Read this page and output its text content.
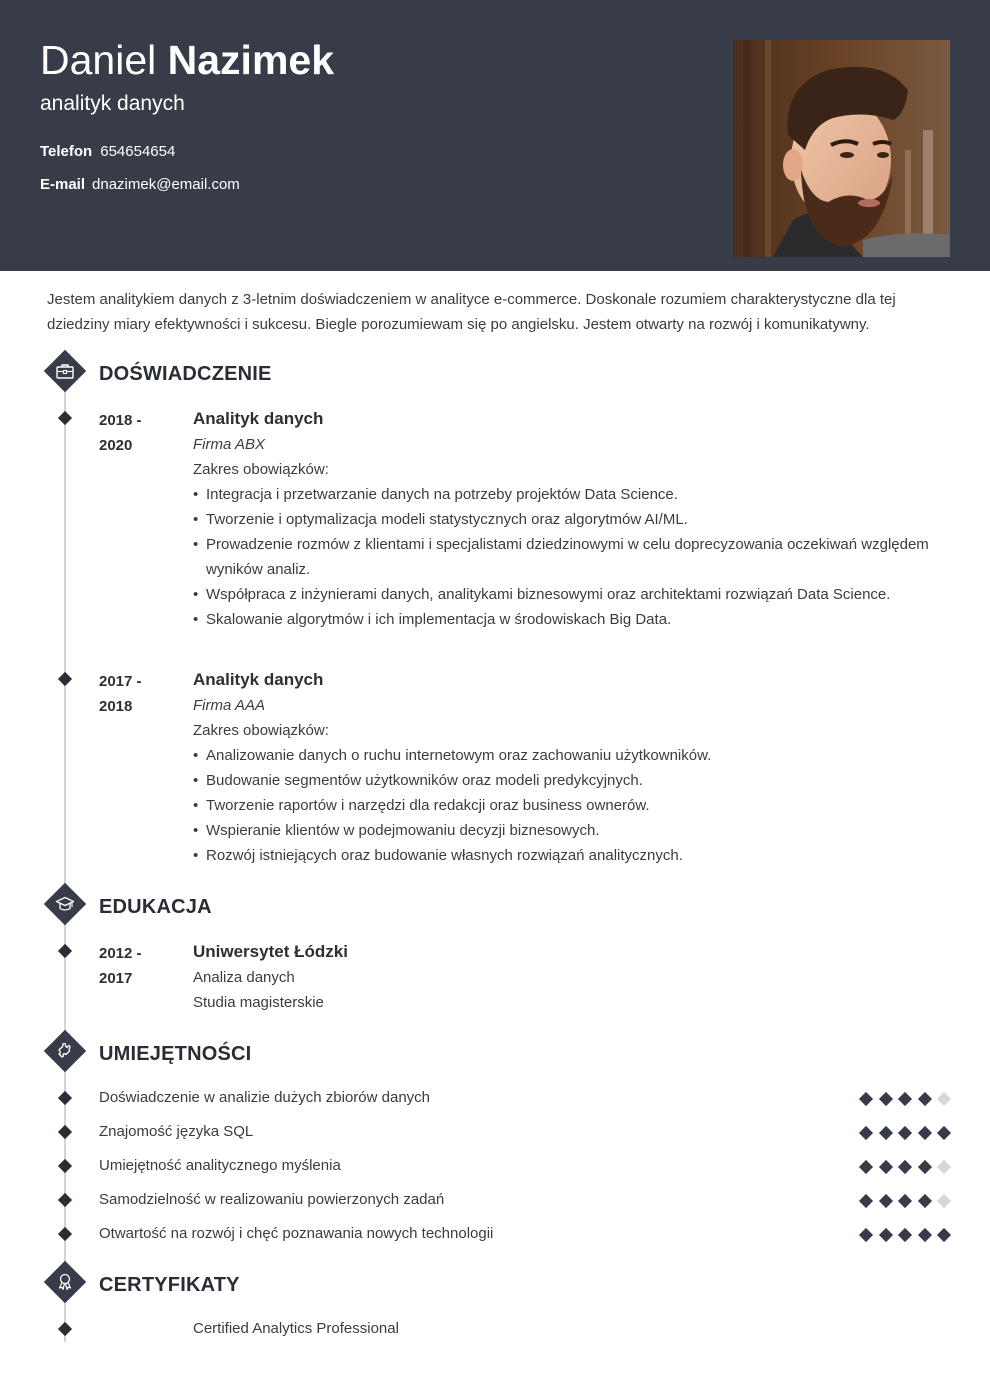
Daniel Nazimek
analityk danych
Telefon 654654654
E-mail dnazimek@email.com
Jestem analitykiem danych z 3-letnim doświadczeniem w analityce e-commerce. Doskonale rozumiem charakterystyczne dla tej dziedziny miary efektywności i sukcesu. Biegle porozumiewam się po angielsku. Jestem otwarty na rozwój i komunikatywny.
DOŚWIADCZENIE
2018 -
2020
Analityk danych
Firma ABX
Zakres obowiązków:
• Integracja i przetwarzanie danych na potrzeby projektów Data Science.
• Tworzenie i optymalizacja modeli statystycznych oraz algorytmów AI/ML.
• Prowadzenie rozmów z klientami i specjalistami dziedzinowymi w celu doprecyzowania oczekiwań względem wyników analiz.
• Współpraca z inżynierami danych, analitykami biznesowymi oraz architektami rozwiązań Data Science.
• Skalowanie algorytmów i ich implementacja w środowiskach Big Data.
2017 -
2018
Analityk danych
Firma AAA
Zakres obowiązków:
• Analizowanie danych o ruchu internetowym oraz zachowaniu użytkowników.
• Budowanie segmentów użytkowników oraz modeli predykcyjnych.
• Tworzenie raportów i narzędzi dla redakcji oraz business ownerów.
• Wspieranie klientów w podejmowaniu decyzji biznesowych.
• Rozwój istniejących oraz budowanie własnych rozwiązań analitycznych.
EDUKACJA
2012 -
2017
Uniwersytet Łódzki
Analiza danych
Studia magisterskie
UMIEJĘTNOŚCI
Doświadczenie w analizie dużych zbiorów danych
Znajomość języka SQL
Umiejętność analitycznego myślenia
Samodzielność w realizowaniu powierzonych zadań
Otwartość na rozwój i chęć poznawania nowych technologii
CERTYFIKATY
Certified Analytics Professional
